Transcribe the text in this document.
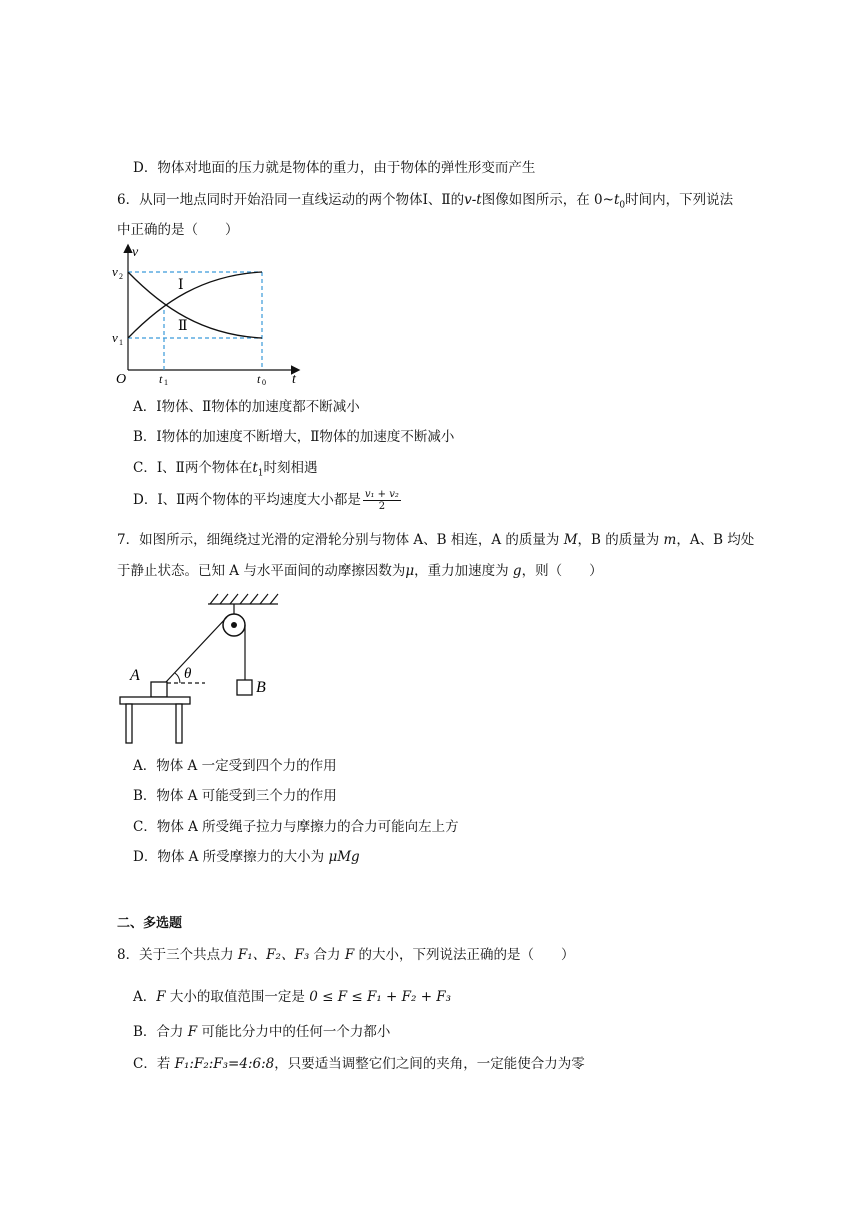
D．物体对地面的压力就是物体的重力，由于物体的弹性形变而产生
6．从同一地点同时开始沿同一直线运动的两个物体Ⅰ、Ⅱ的v-t图像如图所示，在 $0\sim t_0$时间内，下列说法
中正确的是（　　）
v
t
O
v 2
v 1
t 1	t 0
Ⅰ
Ⅱ
A．Ⅰ物体、Ⅱ物体的加速度都不断减小
B．Ⅰ物体的加速度不断增大，Ⅱ物体的加速度不断减小
C．Ⅰ、Ⅱ两个物体在$t_1$时刻相遇
D．Ⅰ、Ⅱ两个物体的平均速度大小都是 $\frac{\text{v₁ + v₂}}{2}$
7．如图所示，细绳绕过光滑的定滑轮分别与物体 A、B 相连，A 的质量为 M，B 的质量为 m，A、B 均处
于静止状态。已知 A 与水平面间的动摩擦因数为μ，重力加速度为 g，则（　　）
A
B
θ
A．物体 A 一定受到四个力的作用
B．物体 A 可能受到三个力的作用
C．物体 A 所受绳子拉力与摩擦力的合力可能向左上方
D．物体 A 所受摩擦力的大小为 μMg
二、多选题
8．关于三个共点力 F₁、F₂、F₃ 合力 F 的大小，下列说法正确的是（　　）
A．F 大小的取值范围一定是 0 ≤ F ≤ F₁ + F₂ + F₃
B．合力 F 可能比分力中的任何一个力都小
C．若 F₁:F₂:F₃=4:6:8，只要适当调整它们之间的夹角，一定能使合力为零
